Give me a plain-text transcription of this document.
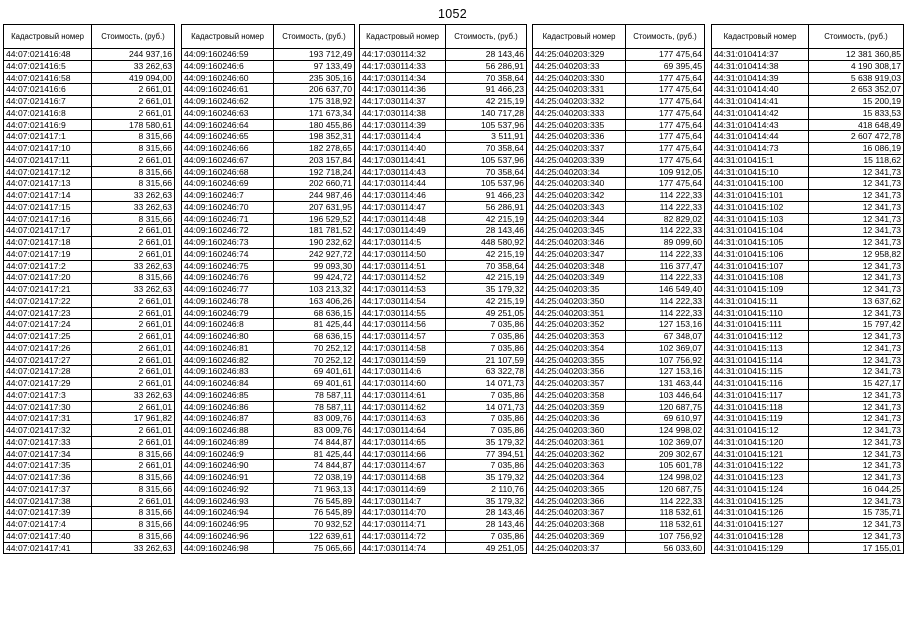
1052
Кадастровый номер	Стоимость, (руб.)
44:07:021416:48	244 937,16
44:07:021416:5	33 262,63
44:07:021416:58	419 094,00
44:07:021416:6	2 661,01
44:07:021416:7	2 661,01
44:07:021416:8	2 661,01
44:07:021416:9	178 580,61
44:07:021417:1	8 315,66
44:07:021417:10	8 315,66
44:07:021417:11	2 661,01
44:07:021417:12	8 315,66
44:07:021417:13	8 315,66
44:07:021417:14	33 262,63
44:07:021417:15	33 262,63
44:07:021417:16	8 315,66
44:07:021417:17	2 661,01
44:07:021417:18	2 661,01
44:07:021417:19	2 661,01
44:07:021417:2	33 262,63
44:07:021417:20	8 315,66
44:07:021417:21	33 262,63
44:07:021417:22	2 661,01
44:07:021417:23	2 661,01
44:07:021417:24	2 661,01
44:07:021417:25	2 661,01
44:07:021417:26	2 661,01
44:07:021417:27	2 661,01
44:07:021417:28	2 661,01
44:07:021417:29	2 661,01
44:07:021417:3	33 262,63
44:07:021417:30	2 661,01
44:07:021417:31	17 961,82
44:07:021417:32	2 661,01
44:07:021417:33	2 661,01
44:07:021417:34	8 315,66
44:07:021417:35	2 661,01
44:07:021417:36	8 315,66
44:07:021417:37	8 315,66
44:07:021417:38	2 661,01
44:07:021417:39	8 315,66
44:07:021417:4	8 315,66
44:07:021417:40	8 315,66
44:07:021417:41	33 262,63
Кадастровый номер	Стоимость, (руб.)
44:09:160246:59	193 712,49
44:09:160246:6	97 133,49
44:09:160246:60	235 305,16
44:09:160246:61	206 637,70
44:09:160246:62	175 318,92
44:09:160246:63	171 673,34
44:09:160246:64	180 455,86
44:09:160246:65	198 352,31
44:09:160246:66	182 278,65
44:09:160246:67	203 157,84
44:09:160246:68	192 718,24
44:09:160246:69	202 660,71
44:09:160246:7	244 987,46
44:09:160246:70	207 631,95
44:09:160246:71	196 529,52
44:09:160246:72	181 781,52
44:09:160246:73	190 232,62
44:09:160246:74	242 927,72
44:09:160246:75	99 093,30
44:09:160246:76	99 424,72
44:09:160246:77	103 213,32
44:09:160246:78	163 406,26
44:09:160246:79	68 636,15
44:09:160246:8	81 425,44
44:09:160246:80	68 636,15
44:09:160246:81	70 252,12
44:09:160246:82	70 252,12
44:09:160246:83	69 401,61
44:09:160246:84	69 401,61
44:09:160246:85	78 587,11
44:09:160246:86	78 587,11
44:09:160246:87	83 009,76
44:09:160246:88	83 009,76
44:09:160246:89	74 844,87
44:09:160246:9	81 425,44
44:09:160246:90	74 844,87
44:09:160246:91	72 038,19
44:09:160246:92	71 963,13
44:09:160246:93	76 545,89
44:09:160246:94	76 545,89
44:09:160246:95	70 932,52
44:09:160246:96	122 639,61
44:09:160246:98	75 065,66
Кадастровый номер	Стоимость, (руб.)
44:17:030114:32	28 143,46
44:17:030114:33	56 286,91
44:17:030114:34	70 358,64
44:17:030114:36	91 466,23
44:17:030114:37	42 215,19
44:17:030114:38	140 717,28
44:17:030114:39	105 537,96
44:17:030114:4	3 511,91
44:17:030114:40	70 358,64
44:17:030114:41	105 537,96
44:17:030114:43	70 358,64
44:17:030114:44	105 537,96
44:17:030114:46	91 466,23
44:17:030114:47	56 286,91
44:17:030114:48	42 215,19
44:17:030114:49	28 143,46
44:17:030114:5	448 580,92
44:17:030114:50	42 215,19
44:17:030114:51	70 358,64
44:17:030114:52	42 215,19
44:17:030114:53	35 179,32
44:17:030114:54	42 215,19
44:17:030114:55	49 251,05
44:17:030114:56	7 035,86
44:17:030114:57	7 035,86
44:17:030114:58	7 035,86
44:17:030114:59	21 107,59
44:17:030114:6	63 322,78
44:17:030114:60	14 071,73
44:17:030114:61	7 035,86
44:17:030114:62	14 071,73
44:17:030114:63	7 035,86
44:17:030114:64	7 035,86
44:17:030114:65	35 179,32
44:17:030114:66	77 394,51
44:17:030114:67	7 035,86
44:17:030114:68	35 179,32
44:17:030114:69	2 110,76
44:17:030114:7	35 179,32
44:17:030114:70	28 143,46
44:17:030114:71	28 143,46
44:17:030114:72	7 035,86
44:17:030114:74	49 251,05
Кадастровый номер	Стоимость, (руб.)
44:25:040203:329	177 475,64
44:25:040203:33	69 395,45
44:25:040203:330	177 475,64
44:25:040203:331	177 475,64
44:25:040203:332	177 475,64
44:25:040203:333	177 475,64
44:25:040203:335	177 475,64
44:25:040203:336	177 475,64
44:25:040203:337	177 475,64
44:25:040203:339	177 475,64
44:25:040203:34	109 912,05
44:25:040203:340	177 475,64
44:25:040203:342	114 222,33
44:25:040203:343	114 222,33
44:25:040203:344	82 829,02
44:25:040203:345	114 222,33
44:25:040203:346	89 099,60
44:25:040203:347	114 222,33
44:25:040203:348	116 377,47
44:25:040203:349	114 222,33
44:25:040203:35	146 549,40
44:25:040203:350	114 222,33
44:25:040203:351	114 222,33
44:25:040203:352	127 153,16
44:25:040203:353	67 348,07
44:25:040203:354	102 369,07
44:25:040203:355	107 756,92
44:25:040203:356	127 153,16
44:25:040203:357	131 463,44
44:25:040203:358	103 446,64
44:25:040203:359	120 687,75
44:25:040203:36	69 610,97
44:25:040203:360	124 998,02
44:25:040203:361	102 369,07
44:25:040203:362	209 302,67
44:25:040203:363	105 601,78
44:25:040203:364	124 998,02
44:25:040203:365	120 687,75
44:25:040203:366	114 222,33
44:25:040203:367	118 532,61
44:25:040203:368	118 532,61
44:25:040203:369	107 756,92
44:25:040203:37	56 033,60
Кадастровый номер	Стоимость, (руб.)
44:31:010414:37	12 381 360,85
44:31:010414:38	4 190 308,17
44:31:010414:39	5 638 919,03
44:31:010414:40	2 653 352,07
44:31:010414:41	15 200,19
44:31:010414:42	15 833,53
44:31:010414:43	418 648,49
44:31:010414:44	2 607 472,78
44:31:010414:73	16 086,19
44:31:010415:1	15 118,62
44:31:010415:10	12 341,73
44:31:010415:100	12 341,73
44:31:010415:101	12 341,73
44:31:010415:102	12 341,73
44:31:010415:103	12 341,73
44:31:010415:104	12 341,73
44:31:010415:105	12 341,73
44:31:010415:106	12 958,82
44:31:010415:107	12 341,73
44:31:010415:108	12 341,73
44:31:010415:109	12 341,73
44:31:010415:11	13 637,62
44:31:010415:110	12 341,73
44:31:010415:111	15 797,42
44:31:010415:112	12 341,73
44:31:010415:113	12 341,73
44:31:010415:114	12 341,73
44:31:010415:115	12 341,73
44:31:010415:116	15 427,17
44:31:010415:117	12 341,73
44:31:010415:118	12 341,73
44:31:010415:119	12 341,73
44:31:010415:12	12 341,73
44:31:010415:120	12 341,73
44:31:010415:121	12 341,73
44:31:010415:122	12 341,73
44:31:010415:123	12 341,73
44:31:010415:124	16 044,25
44:31:010415:125	12 341,73
44:31:010415:126	15 735,71
44:31:010415:127	12 341,73
44:31:010415:128	12 341,73
44:31:010415:129	17 155,01
